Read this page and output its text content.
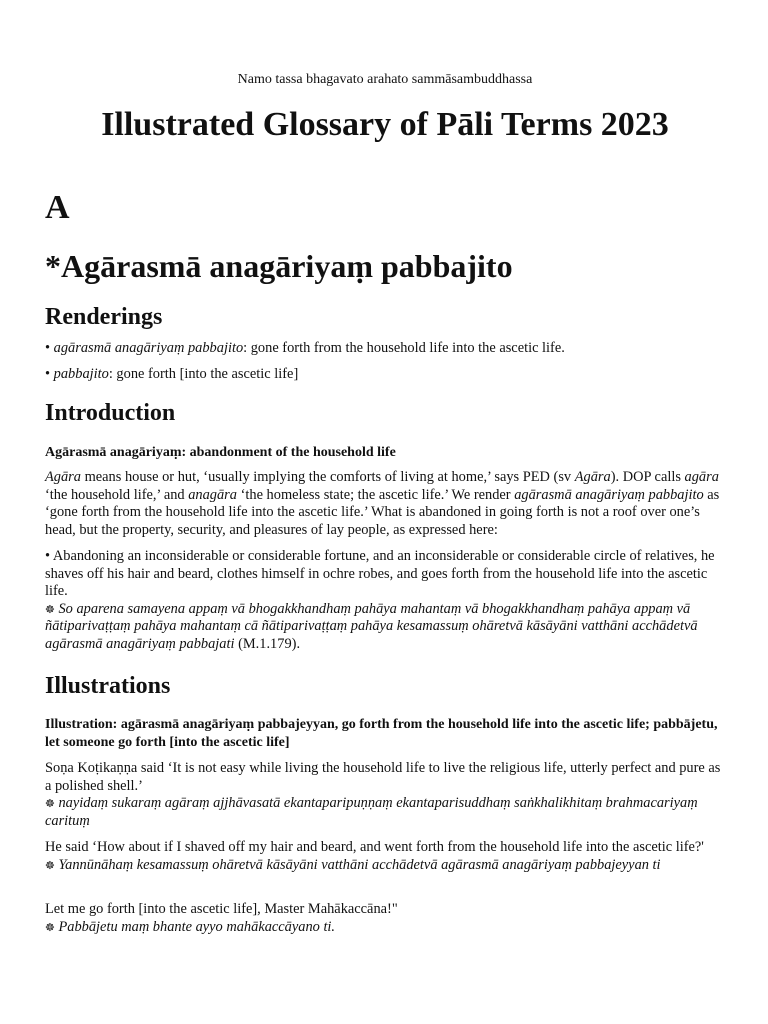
Namo tassa bhagavato arahato sammāsambuddhassa
Illustrated Glossary of Pāli Terms 2023
A
*Agārasmā anagāriyaṃ pabbajito
Renderings

• agārasmā anagāriyaṃ pabbajito: gone forth from the household life into the ascetic life.

• pabbajito: gone forth [into the ascetic life]

Introduction
Agārasmā anagāriyaṃ: abandonment of the household life

Agāra means house or hut, ‘usually implying the comforts of living at home,’ says PED (sv Agāra). DOP calls agāra ‘the household life,’ and anagāra ‘the homeless state; the ascetic life.’ We render agārasmā anagāriyaṃ pabbajito as ‘gone forth from the household life into the ascetic life.’ What is abandoned in going forth is not a roof over one’s head, but the property, security, and pleasures of lay people, as expressed here:

• Abandoning an inconsiderable or considerable fortune, and an inconsiderable or considerable circle of relatives, he shaves off his hair and beard, clothes himself in ochre robes, and goes forth from the household life into the ascetic life.
☸ So aparena samayena appaṃ vā bhogakkhandhaṃ pahāya mahantaṃ vā bhogakkhandhaṃ pahāya appaṃ vā ñātiparivaṭṭaṃ pahāya mahantaṃ cā ñātiparivaṭṭaṃ pahāya kesamassuṃ ohāretvā kāsāyāni vatthāni acchādetvā agārasmā anagāriyaṃ pabbajati (M.1.179).

Illustrations
Illustration: agārasmā anagāriyaṃ pabbajeyyan, go forth from the household life into the ascetic life; pabbājetu, let someone go forth [into the ascetic life]

Soṇa Koṭikaṇṇa said ‘It is not easy while living the household life to live the religious life, utterly perfect and pure as a polished shell.’
☸ nayidaṃ sukaraṃ agāraṃ ajjhāvasatā ekantaparipuṇṇaṃ ekantaparisuddhaṃ saṅkhalikhitaṃ brahmacariyaṃ carituṃ

He said ‘How about if I shaved off my hair and beard, and went forth from the household life into the ascetic life?'
☸ Yannūnāhaṃ kesamassuṃ ohāretvā kāsāyāni vatthāni acchādetvā agārasmā anagāriyaṃ pabbajeyyan ti

Let me go forth [into the ascetic life], Master Mahākaccāna!"
☸ Pabbājetu maṃ bhante ayyo mahākaccāyano ti.
